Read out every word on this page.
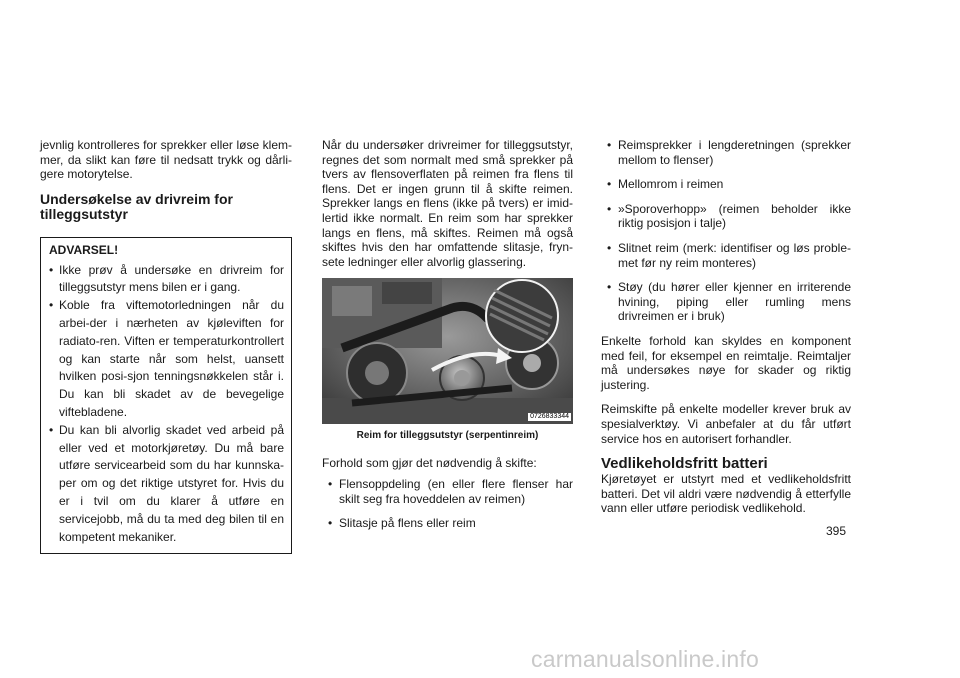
jevnlig kontrolleres for sprekker eller løse klem-mer, da slikt kan føre til nedsatt trykk og dårli-gere motorytelse.

Undersøkelse av drivreim for tilleggsutstyr
ADVARSEL!
• Ikke prøv å undersøke en drivreim for tilleggsutstyr mens bilen er i gang.
• Koble fra viftemotorledningen når du arbei-der i nærheten av kjøleviften for radiato-ren. Viften er temperaturkontrollert og kan starte når som helst, uansett hvilken posi-sjon tenningsnøkkelen står i. Du kan bli skadet av de bevegelige viftebladene.
• Du kan bli alvorlig skadet ved arbeid på eller ved et motorkjøretøy. Du må bare utføre servicearbeid som du har kunnska-per om og det riktige utstyret for. Hvis du er i tvil om du klarer å utføre en servicejobb, må du ta med deg bilen til en kompetent mekaniker.

Når du undersøker drivreimer for tilleggsutstyr, regnes det som normalt med små sprekker på tvers av flensoverflaten på reimen fra flens til flens. Det er ingen grunn til å skifte reimen. Sprekker langs en flens (ikke på tvers) er imid-lertid ikke normalt. En reim som har sprekker langs en flens, må skiftes. Reimen må også skiftes hvis den har omfattende slitasje, fryn-sete ledninger eller alvorlig glassering.

0726833344
Reim for tilleggsutstyr (serpentinreim)

Forhold som gjør det nødvendig å skifte:

• Flensoppdeling (en eller flere flenser har skilt seg fra hoveddelen av reimen)
• Slitasje på flens eller reim
• Reimsprekker i lengderetningen (sprekker mellom to flenser)
• Mellomrom i reimen
• »Sporoverhopp» (reimen beholder ikke riktig posisjon i talje)
• Slitnet reim (merk: identifiser og løs proble-met før ny reim monteres)
• Støy (du hører eller kjenner en irriterende hvining, piping eller rumling mens drivreimen er i bruk)

Enkelte forhold kan skyldes en komponent med feil, for eksempel en reimtalje. Reimtaljer må undersøkes nøye for skader og riktig justering.

Reimskifte på enkelte modeller krever bruk av spesialverktøy. Vi anbefaler at du får utført service hos en autorisert forhandler.

Vedlikeholdsfritt batteri

Kjøretøyet er utstyrt med et vedlikeholdsfritt batteri. Det vil aldri være nødvendig å etterfylle vann eller utføre periodisk vedlikehold.

395
carmanualsonline.info
